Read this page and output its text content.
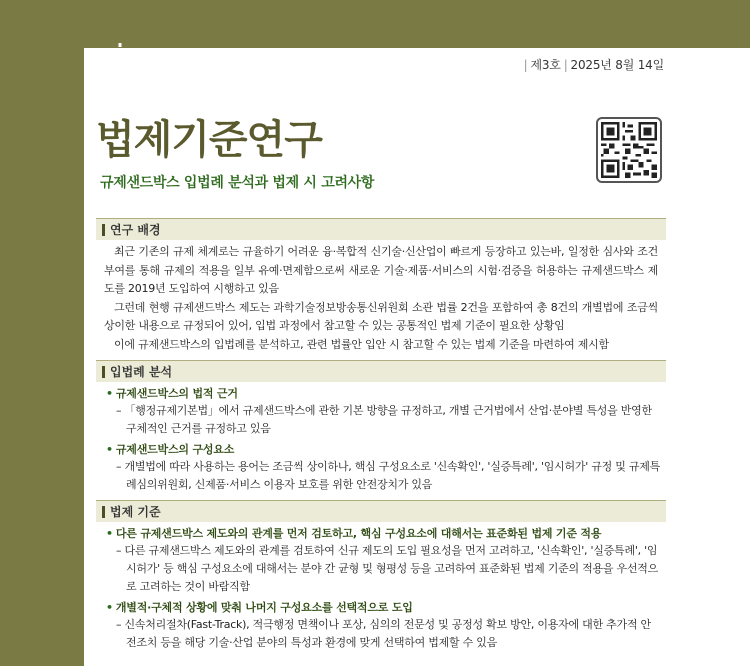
| 제3호 | 2025년 8월 14일
법제기준연구
규제샌드박스 입법례 분석과 법제 시 고려사항
연구 배경

최근 기존의 규제 체계로는 규율하기 어려운 융·복합적 신기술·신산업이 빠르게 등장하고 있는바, 일정한 심사와 조건 부여를 통해 규제의 적용을 일부 유예·면제함으로써 새로운 기술·제품·서비스의 시험·검증을 허용하는 규제샌드박스 제도를 2019년 도입하여 시행하고 있음

그런데 현행 규제샌드박스 제도는 과학기술정보방송통신위원회 소관 법률 2건을 포함하여 총 8건의 개별법에 조금씩 상이한 내용으로 규정되어 있어, 입법 과정에서 참고할 수 있는 공통적인 법제 기준이 필요한 상황임

이에 규제샌드박스의 입법례를 분석하고, 관련 법률안 입안 시 참고할 수 있는 법제 기준을 마련하여 제시함

입법례 분석
• 규제샌드박스의 법적 근거
– 「행정규제기본법」에서 규제샌드박스에 관한 기본 방향을 규정하고, 개별 근거법에서 산업·분야별 특성을 반영한 구체적인 근거를 규정하고 있음
• 규제샌드박스의 구성요소
– 개별법에 따라 사용하는 용어는 조금씩 상이하나, 핵심 구성요소로 '신속확인', '실증특례', '임시허가' 규정 및 규제특례심의위원회, 신제품·서비스 이용자 보호를 위한 안전장치가 있음
법제 기준
• 다른 규제샌드박스 제도와의 관계를 먼저 검토하고, 핵심 구성요소에 대해서는 표준화된 법제 기준 적용
– 다른 규제샌드박스 제도와의 관계를 검토하여 신규 제도의 도입 필요성을 먼저 고려하고, '신속확인', '실증특례', '임시허가' 등 핵심 구성요소에 대해서는 분야 간 균형 및 형평성 등을 고려하여 표준화된 법제 기준의 적용을 우선적으로 고려하는 것이 바람직함
• 개별적·구체적 상황에 맞춰 나머지 구성요소를 선택적으로 도입
– 신속처리절차(Fast-Track), 적극행정 면책이나 포상, 심의의 전문성 및 공정성 확보 방안, 이용자에 대한 추가적 안전조치 등을 해당 기술·산업 분야의 특성과 환경에 맞게 선택하여 법제할 수 있음
